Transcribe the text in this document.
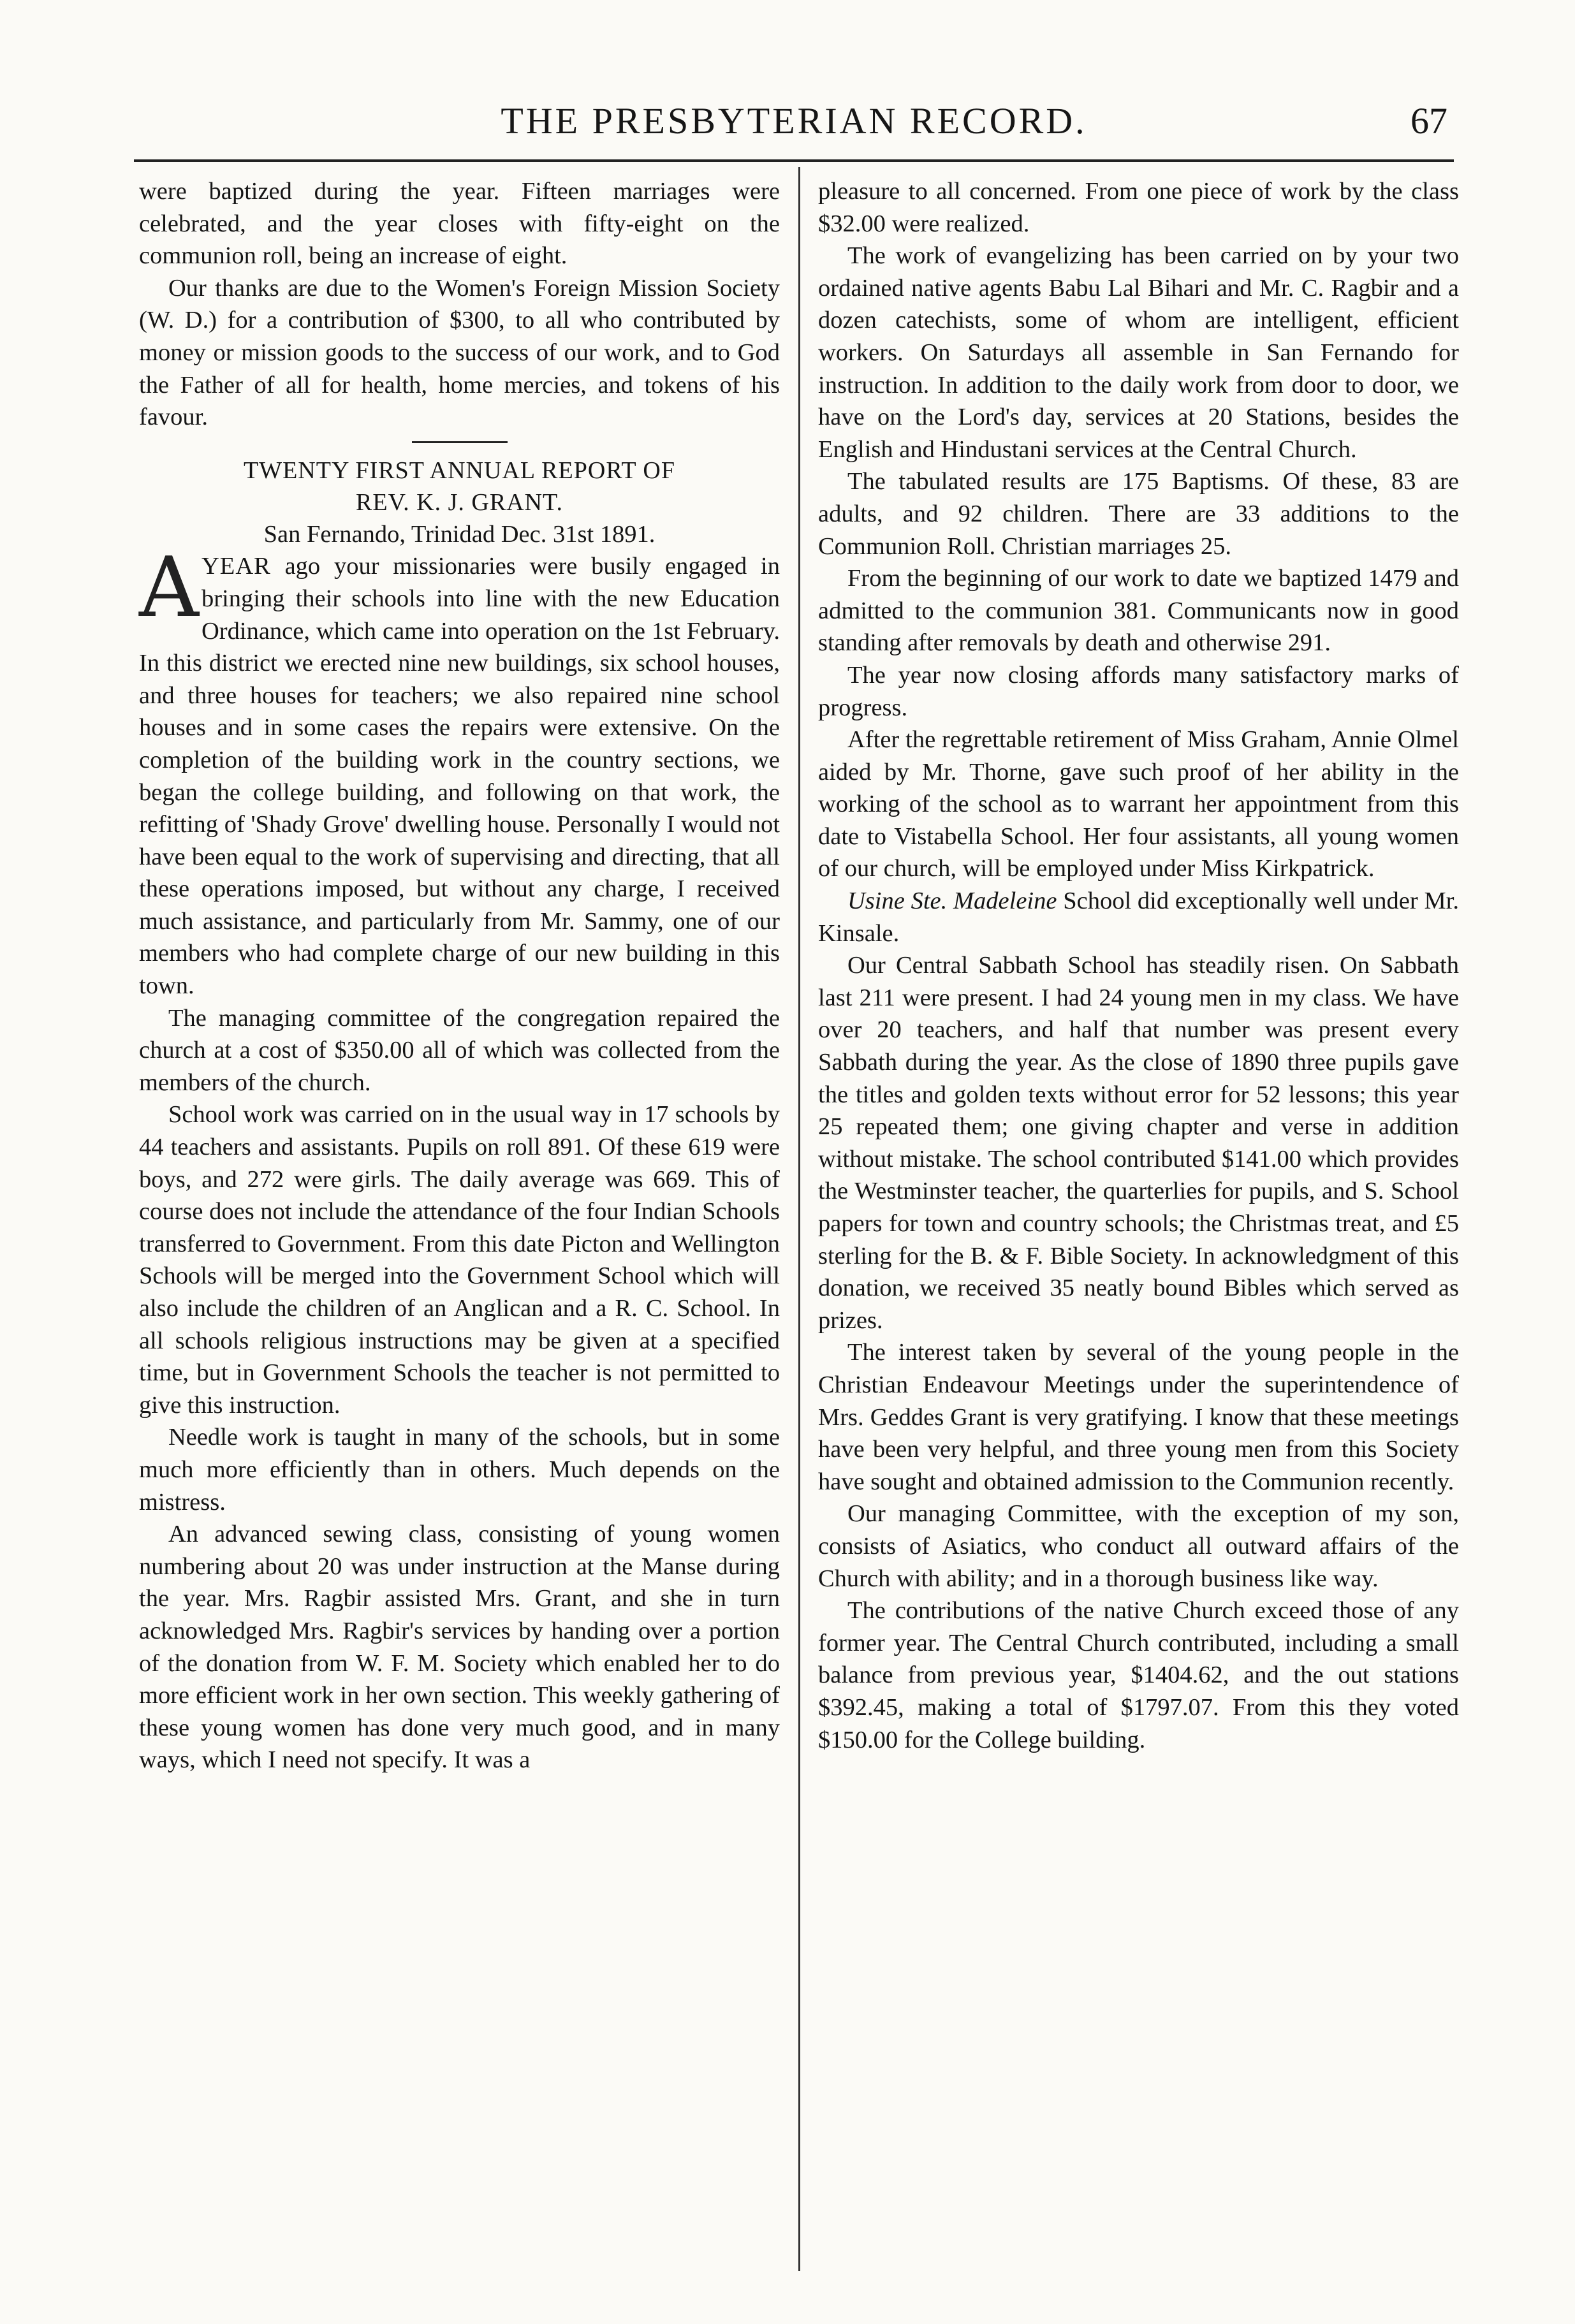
THE PRESBYTERIAN RECORD.	67

were baptized during the year. Fifteen marriages were celebrated, and the year closes with fifty-eight on the communion roll, being an increase of eight.

Our thanks are due to the Women's Foreign Mission Society (W. D.) for a contribution of $300, to all who contributed by money or mission goods to the success of our work, and to God the Father of all for health, home mercies, and tokens of his favour.

TWENTY FIRST ANNUAL REPORT OF

REV. K. J. GRANT.

San Fernando, Trinidad Dec. 31st 1891.

AYEAR ago your missionaries were busily engaged in bringing their schools into line with the new Education Ordinance, which came into operation on the 1st February. In this district we erected nine new buildings, six school houses, and three houses for teachers; we also repaired nine school houses and in some cases the repairs were extensive. On the completion of the building work in the country sections, we began the college building, and following on that work, the refitting of 'Shady Grove' dwelling house. Personally I would not have been equal to the work of supervising and directing, that all these operations imposed, but without any charge, I received much assistance, and particularly from Mr. Sammy, one of our members who had complete charge of our new building in this town.

The managing committee of the congregation repaired the church at a cost of $350.00 all of which was collected from the members of the church.

School work was carried on in the usual way in 17 schools by 44 teachers and assistants. Pupils on roll 891. Of these 619 were boys, and 272 were girls. The daily average was 669. This of course does not include the attendance of the four Indian Schools transferred to Government. From this date Picton and Wellington Schools will be merged into the Government School which will also include the children of an Anglican and a R. C. School. In all schools religious instructions may be given at a specified time, but in Government Schools the teacher is not permitted to give this instruction.

Needle work is taught in many of the schools, but in some much more efficiently than in others. Much depends on the mistress.

An advanced sewing class, consisting of young women numbering about 20 was under instruction at the Manse during the year. Mrs. Ragbir assisted Mrs. Grant, and she in turn acknowledged Mrs. Ragbir's services by handing over a portion of the donation from W. F. M. Society which enabled her to do more efficient work in her own section. This weekly gathering of these young women has done very much good, and in many ways, which I need not specify. It was a

pleasure to all concerned. From one piece of work by the class $32.00 were realized.

The work of evangelizing has been carried on by your two ordained native agents Babu Lal Bihari and Mr. C. Ragbir and a dozen catechists, some of whom are intelligent, efficient workers. On Saturdays all assemble in San Fernando for instruction. In addition to the daily work from door to door, we have on the Lord's day, services at 20 Stations, besides the English and Hindustani services at the Central Church.

The tabulated results are 175 Baptisms. Of these, 83 are adults, and 92 children. There are 33 additions to the Communion Roll. Christian marriages 25.

From the beginning of our work to date we baptized 1479 and admitted to the communion 381. Communicants now in good standing after removals by death and otherwise 291.

The year now closing affords many satisfactory marks of progress.

After the regrettable retirement of Miss Graham, Annie Olmel aided by Mr. Thorne, gave such proof of her ability in the working of the school as to warrant her appointment from this date to Vistabella School. Her four assistants, all young women of our church, will be employed under Miss Kirkpatrick.

Usine Ste. Madeleine School did exceptionally well under Mr. Kinsale.

Our Central Sabbath School has steadily risen. On Sabbath last 211 were present. I had 24 young men in my class. We have over 20 teachers, and half that number was present every Sabbath during the year. As the close of 1890 three pupils gave the titles and golden texts without error for 52 lessons; this year 25 repeated them; one giving chapter and verse in addition without mistake. The school contributed $141.00 which provides the Westminster teacher, the quarterlies for pupils, and S. School papers for town and country schools; the Christmas treat, and £5 sterling for the B. & F. Bible Society. In acknowledgment of this donation, we received 35 neatly bound Bibles which served as prizes.

The interest taken by several of the young people in the Christian Endeavour Meetings under the superintendence of Mrs. Geddes Grant is very gratifying. I know that these meetings have been very helpful, and three young men from this Society have sought and obtained admission to the Communion recently.

Our managing Committee, with the exception of my son, consists of Asiatics, who conduct all outward affairs of the Church with ability; and in a thorough business like way.

The contributions of the native Church exceed those of any former year. The Central Church contributed, including a small balance from previous year, $1404.62, and the out stations $392.45, making a total of $1797.07. From this they voted $150.00 for the College building.
